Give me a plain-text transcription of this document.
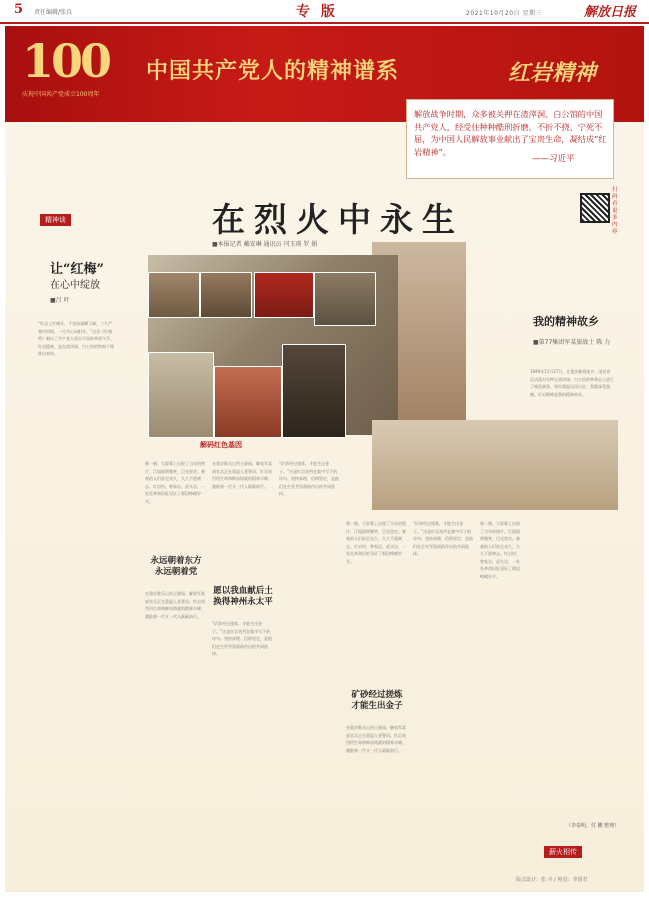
5 责任编辑/张良	专 版	2021年10月20日 星期三	解放日报
100
庆祝中国共产党成立100周年
中国共产党人的精神谱系	红岩精神
解放战争时期，众多被关押在渣滓洞、白公馆的中国共产党人，经受住种种酷刑折磨，不折不挠、宁死不屈，为中国人民解放事业献出了宝贵生命，凝结成“红岩精神”。
——习近平
扫码看更多内容
在烈火中永生
■本报记者 戴安琳 通讯员 闫玉瑛 罗 娟
精神谈
让“红梅”
在心中绽放
■吕 叶
“红岩上红梅开，千里冰霜脚下踩，三九严寒何所惧，一片丹心向阳开。”这首《红梅赞》唱出了共产党人坚贞不屈的革命气节。红岩精神，是在渣滓洞、白公馆的铁窗下锤炼出来的。
解码红色基因
那一刻，大屏幕上出现了当年的照片，江姐面带微笑，目光坚定。参观的人们驻足良久，久久不愿离去。红岩村、曾家岩、虎头岩，一处处革命旧址见证了那段峥嵘岁月。
永远朝着东方
永远朝着党
在重庆歌乐山烈士陵园，解放军某部官兵正在重温入党誓词。红岩英烈用生命和鲜血铸就的精神丰碑，激励着一代又一代人砥砺前行。
在重庆歌乐山烈士陵园，解放军某部官兵正在重温入党誓词。红岩英烈用生命和鲜血铸就的精神丰碑，激励着一代又一代人砥砺前行。
愿以我血献后土
换得神州永太平
“矿砂经过搓炼，才能生出金子。”这是红岩英烈在狱中写下的诗句。坚持真理、信仰坚定，是他们在生死考验面前作出的共同选择。
“矿砂经过搓炼，才能生出金子。”这是红岩英烈在狱中写下的诗句。坚持真理、信仰坚定，是他们在生死考验面前作出的共同选择。
那一刻，大屏幕上出现了当年的照片，江姐面带微笑，目光坚定。参观的人们驻足良久，久久不愿离去。红岩村、曾家岩、虎头岩，一处处革命旧址见证了那段峥嵘岁月。
矿砂经过搓炼
才能生出金子
在重庆歌乐山烈士陵园，解放军某部官兵正在重温入党誓词。红岩英烈用生命和鲜血铸就的精神丰碑，激励着一代又一代人砥砺前行。
“矿砂经过搓炼，才能生出金子。”这是红岩英烈在狱中写下的诗句。坚持真理、信仰坚定，是他们在生死考验面前作出的共同选择。
那一刻，大屏幕上出现了当年的照片，江姐面带微笑，目光坚定。参观的人们驻足良久，久久不愿离去。红岩村、曾家岩、虎头岩，一处处革命旧址见证了那段峥嵘岁月。
我的精神故乡
■第77集团军某旅战士 陈 力
1949年11月27日，在重庆解放前夕，国民党反动派对关押在渣滓洞、白公馆的革命志士进行了疯狂屠杀。每次重温这段历史，我都深受震撼。红岩精神是我的精神故乡。
（李泰明、付 鹏 整理）
薪火相传
版式设计：张 卉 / 视觉：李国君
